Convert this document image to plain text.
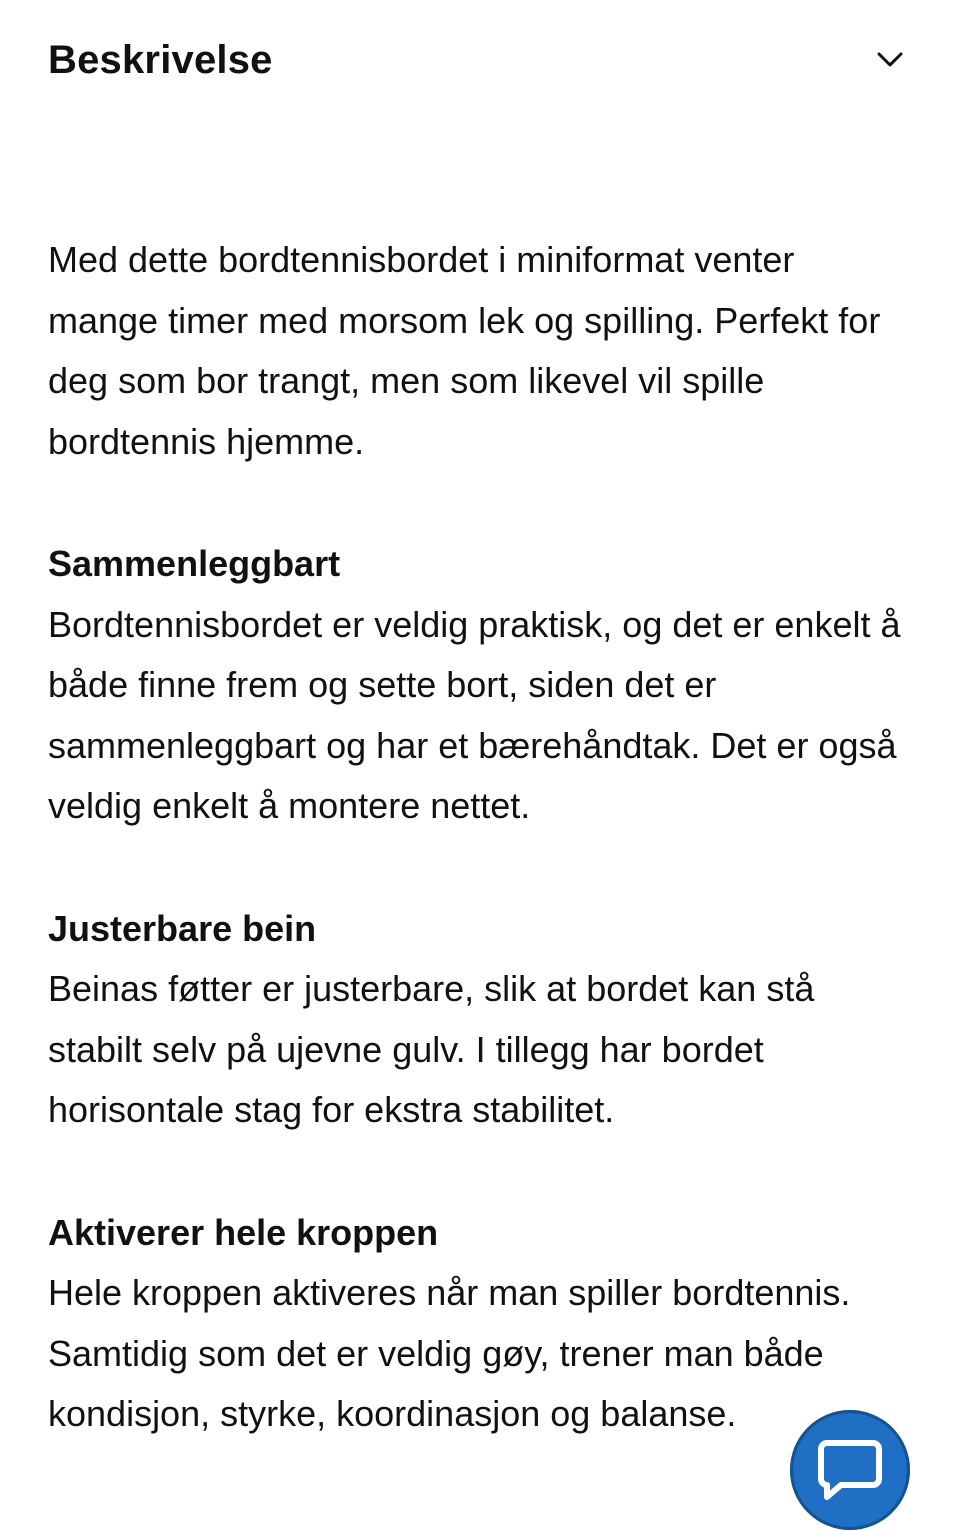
Beskrivelse

Med dette bordtennisbordet i miniformat venter mange timer med morsom lek og spilling. Perfekt for deg som bor trangt, men som likevel vil spille bordtennis hjemme.

Sammenleggbart

Bordtennisbordet er veldig praktisk, og det er enkelt å både finne frem og sette bort, siden det er sammenleggbart og har et bærehåndtak. Det er også veldig enkelt å montere nettet.

Justerbare bein

Beinas føtter er justerbare, slik at bordet kan stå stabilt selv på ujevne gulv. I tillegg har bordet horisontale stag for ekstra stabilitet.

Aktiverer hele kroppen

Hele kroppen aktiveres når man spiller bordtennis. Samtidig som det er veldig gøy, trener man både kondisjon, styrke, koordinasjon og balanse.
